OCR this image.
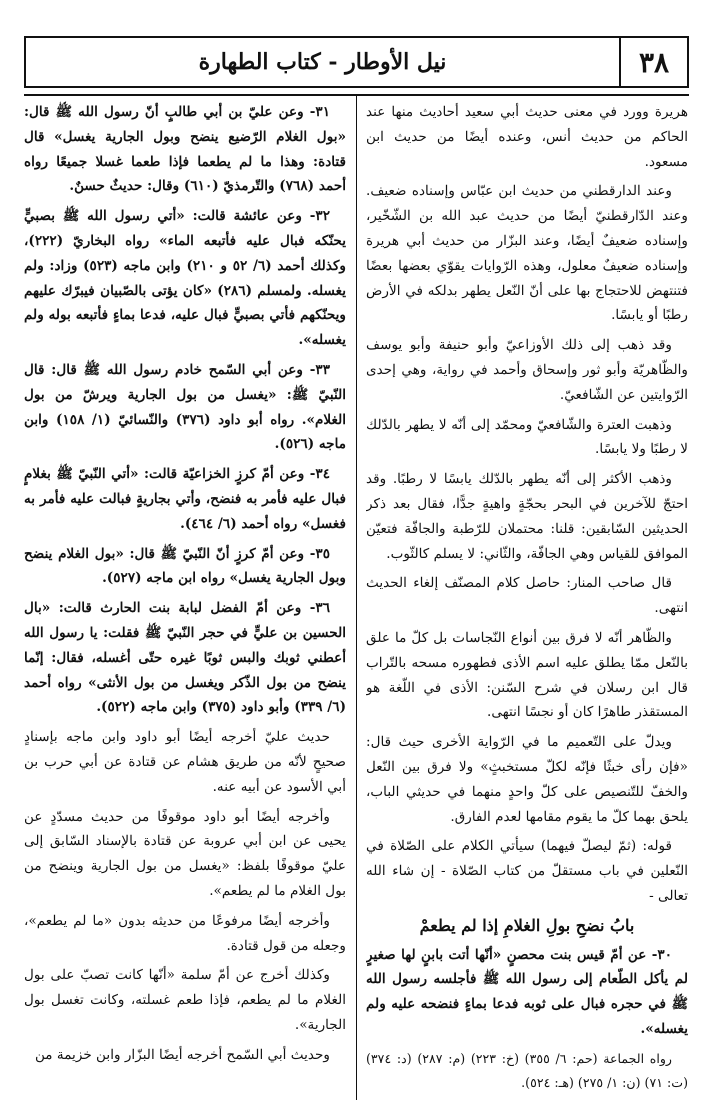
٣٨
نيل الأوطار - كتاب الطهارة

هريرة وورد في معنى حديث أبي سعيد أحاديث منها عند الحاكم من حديث أنس، وعنده أيضًا من حديث ابن مسعود.

وعند الدارقطني من حديث ابن عبّاس وإسناده ضعيف. وعند الدّارقطنيّ أيضًا من حديث عبد الله بن الشّخّير، وإسناده ضعيفٌ أيضًا، وعند البزّار من حديث أبي هريرة وإسناده ضعيفٌ معلول، وهذه الرّوايات يقوّي بعضها بعضًا فتنتهض للاحتجاج بها على أنّ النّعل يطهر بدلكه في الأرض رطبًا أو يابسًا.

وقد ذهب إلى ذلك الأوزاعيّ وأبو حنيفة وأبو يوسف والظّاهريّة وأبو ثور وإسحاق وأحمد في رواية، وهي إحدى الرّوايتين عن الشّافعيّ.

وذهبت العترة والشّافعيّ ومحمّد إلى أنّه لا يطهر بالدّلك لا رطبًا ولا يابسًا.

وذهب الأكثر إلى أنّه يطهر بالدّلك يابسًا لا رطبًا. وقد احتجّ للآخرين في البحر بحجّةٍ واهيةٍ جدًّا، فقال بعد ذكر الحديثين السّابقين: قلنا: محتملان للرّطبة والجافّة فتعيّن الموافق للقياس وهي الجافّة، والثّاني: لا يسلم كالثّوب.

قال صاحب المنار: حاصل كلام المصنّف إلغاء الحديث انتهى.

والظّاهر أنّه لا فرق بين أنواع النّجاسات بل كلّ ما علق بالنّعل ممّا يطلق عليه اسم الأذى فطهوره مسحه بالتّراب قال ابن رسلان في شرح السّنن: الأذى في اللّغة هو المستقذر طاهرًا كان أو نجسًا انتهى.

ويدلّ على التّعميم ما في الرّواية الأخرى حيث قال: «فإن رأى خبثًا فإنّه لكلّ مستخبثٍ» ولا فرق بين النّعل والخفّ للتّنصيص على كلّ واحدٍ منهما في حديثي الباب، يلحق بهما كلّ ما يقوم مقامها لعدم الفارق.

قوله: (ثمّ ليصلّ فيهما) سيأتي الكلام على الصّلاة في النّعلين في باب مستقلّ من كتاب الصّلاة - إن شاء الله تعالى -

بابُ نضحِ بولِ الغلامِ إذا لم يطعمْ

٣٠- عن أمّ قيس بنت محصنٍ «أنّها أتت بابنٍ لها صغيرٍ لم يأكل الطّعام إلى رسول الله ﷺ فأجلسه رسول الله ﷺ في حجره فبال على ثوبه فدعا بماءٍ فنضحه عليه ولم يغسله».

رواه الجماعة (حم: ٦/ ٣٥٥) (خ: ٢٢٣) (م: ٢٨٧) (د: ٣٧٤) (ت: ٧١) (ن: ١/ ٢٧٥) (هـ: ٥٢٤).

٣١- وعن عليّ بن أبي طالبٍ أنّ رسول الله ﷺ قال: «بول الغلام الرّضيع ينضح وبول الجارية يغسل» قال قتادة: وهذا ما لم يطعما فإذا طعما غسلا جميعًا رواه أحمد (٧٦٨) والتّرمذيّ (٦١٠) وقال: حديثٌ حسنٌ.

٣٢- وعن عائشة قالت: «أتي رسول الله ﷺ بصبيٍّ يحنّكه فبال عليه فأتبعه الماء» رواه البخاريّ (٢٢٢)، وكذلك أحمد (٦/ ٥٢ و ٢١٠) وابن ماجه (٥٢٣) وزاد: ولم يغسله. ولمسلم (٢٨٦) «كان يؤتى بالصّبيان فيبرّك عليهم ويحنّكهم فأتي بصبيٍّ فبال عليه، فدعا بماءٍ فأتبعه بوله ولم يغسله».

٣٣- وعن أبي السّمح خادم رسول الله ﷺ قال: قال النّبيّ ﷺ: «يغسل من بول الجارية ويرشّ من بول الغلام». رواه أبو داود (٣٧٦) والنّسائيّ (١/ ١٥٨) وابن ماجه (٥٢٦).

٣٤- وعن أمّ كرزٍ الخزاعيّة قالت: «أتي النّبيّ ﷺ بغلامٍ فبال عليه فأمر به فنضح، وأتي بجاريةٍ فبالت عليه فأمر به فغسل» رواه أحمد (٦/ ٤٦٤).

٣٥- وعن أمّ كرزٍ أنّ النّبيّ ﷺ قال: «بول الغلام ينضح وبول الجارية يغسل» رواه ابن ماجه (٥٢٧).

٣٦- وعن أمّ الفضل لبابة بنت الحارث قالت: «بال الحسين بن عليٍّ في حجر النّبيّ ﷺ فقلت: يا رسول الله أعطني ثوبك والبس ثوبًا غيره حتّى أغسله، فقال: إنّما ينضح من بول الذّكر ويغسل من بول الأنثى» رواه أحمد (٦/ ٣٣٩) وأبو داود (٣٧٥) وابن ماجه (٥٢٢).

حديث عليّ أخرجه أيضًا أبو داود وابن ماجه بإسنادٍ صحيحٍ لأنّه من طريق هشام عن قتادة عن أبي حرب بن أبي الأسود عن أبيه عنه.

وأخرجه أيضًا أبو داود موقوفًا من حديث مسدّدٍ عن يحيى عن ابن أبي عروبة عن قتادة بالإسناد السّابق إلى عليّ موقوفًا بلفظ: «يغسل من بول الجارية وينضح من بول الغلام ما لم يطعم».

وأخرجه أيضًا مرفوعًا من حديثه بدون «ما لم يطعم»، وجعله من قول قتادة.

وكذلك أخرج عن أمّ سلمة «أنّها كانت تصبّ على بول الغلام ما لم يطعم، فإذا طعم غسلته، وكانت تغسل بول الجارية».

وحديث أبي السّمح أخرجه أيضًا البزّار وابن خزيمة من
